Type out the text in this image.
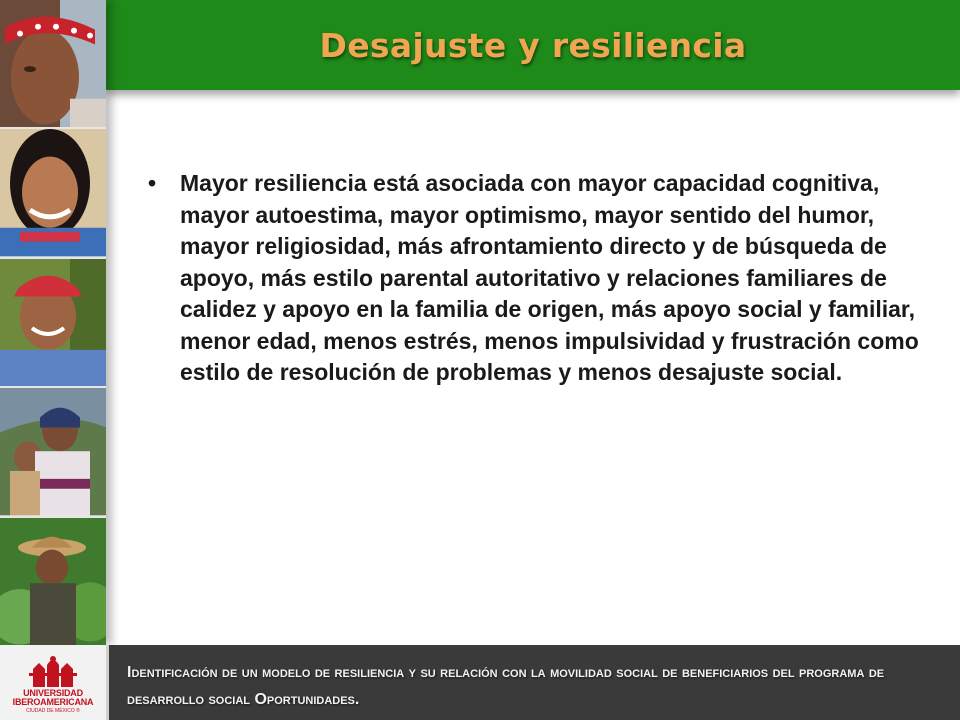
Desajuste y resiliencia
• Mayor resiliencia está asociada con mayor capacidad cognitiva, mayor autoestima, mayor optimismo, mayor sentido del humor, mayor religiosidad, más afrontamiento directo y de búsqueda de apoyo, más estilo parental autoritativo y relaciones familiares de calidez y apoyo en la familia de origen, más apoyo social y familiar, menor edad, menos estrés, menos impulsividad y frustración como estilo de resolución de problemas y menos desajuste social.
UNIVERSIDAD
IBEROAMERICANA
CIUDAD DE MÉXICO ®
Identificación de un modelo de resiliencia y su relación con la movilidad social de beneficiarios del programa de desarrollo social Oportunidades.
